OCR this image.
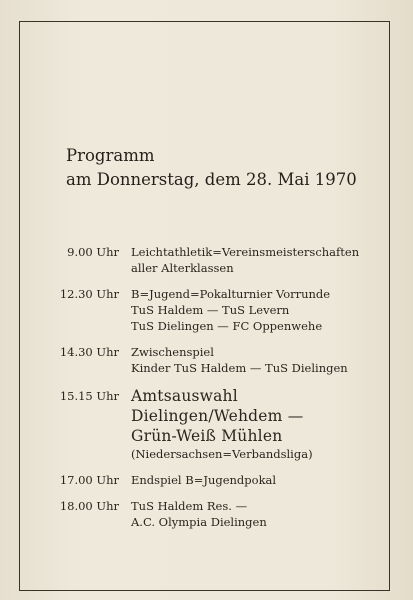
Programm
am Donnerstag, dem 28. Mai 1970
9.00 Uhr Leichtathletik=Vereinsmeisterschaften
aller Alterklassen
12.30 Uhr B=Jugend=Pokalturnier Vorrunde
TuS Haldem — TuS Levern
TuS Dielingen — FC Oppenwehe
14.30 Uhr Zwischenspiel
Kinder TuS Haldem — TuS Dielingen
15.15 Uhr Amtsauswahl
Dielingen/Wehdem —
Grün-Weiß Mühlen
(Niedersachsen=Verbandsliga)
17.00 Uhr Endspiel B=Jugendpokal
18.00 Uhr TuS Haldem Res. —
A.C. Olympia Dielingen
